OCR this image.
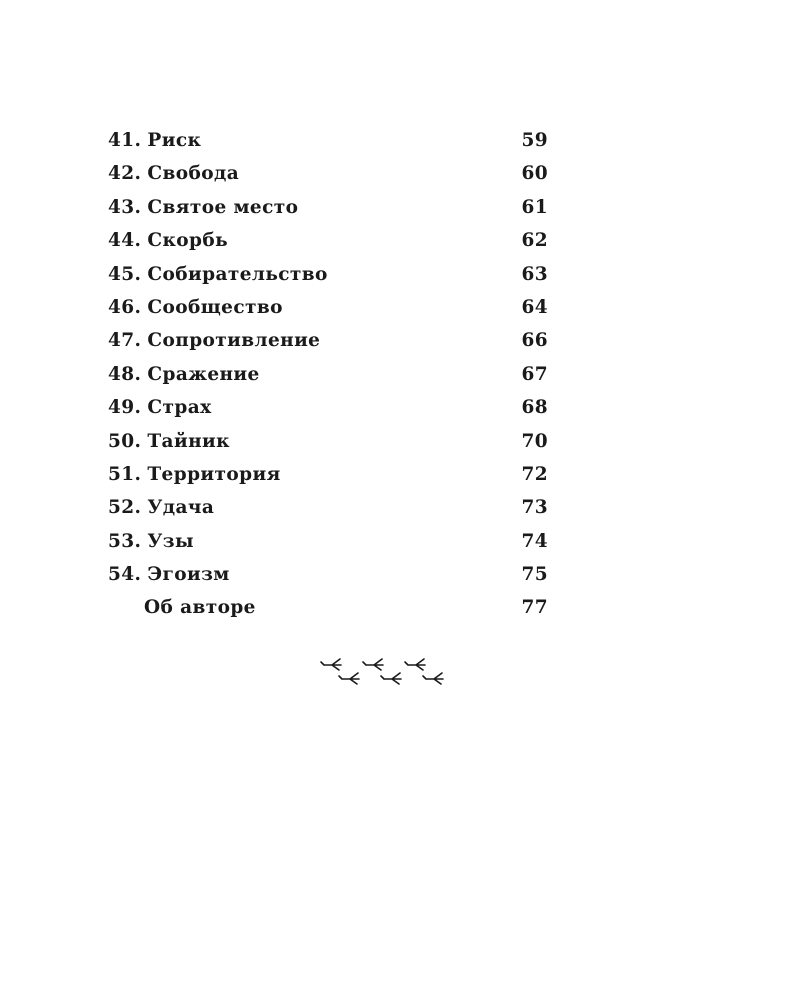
41. Риск	59
42. Свобода	60
43. Святое место	61
44. Скорбь	62
45. Собирательство	63
46. Сообщество	64
47. Сопротивление	66
48. Сражение	67
49. Страх	68
50. Тайник	70
51. Территория	72
52. Удача	73
53. Узы	74
54. Эгоизм	75
Об авторе	77
